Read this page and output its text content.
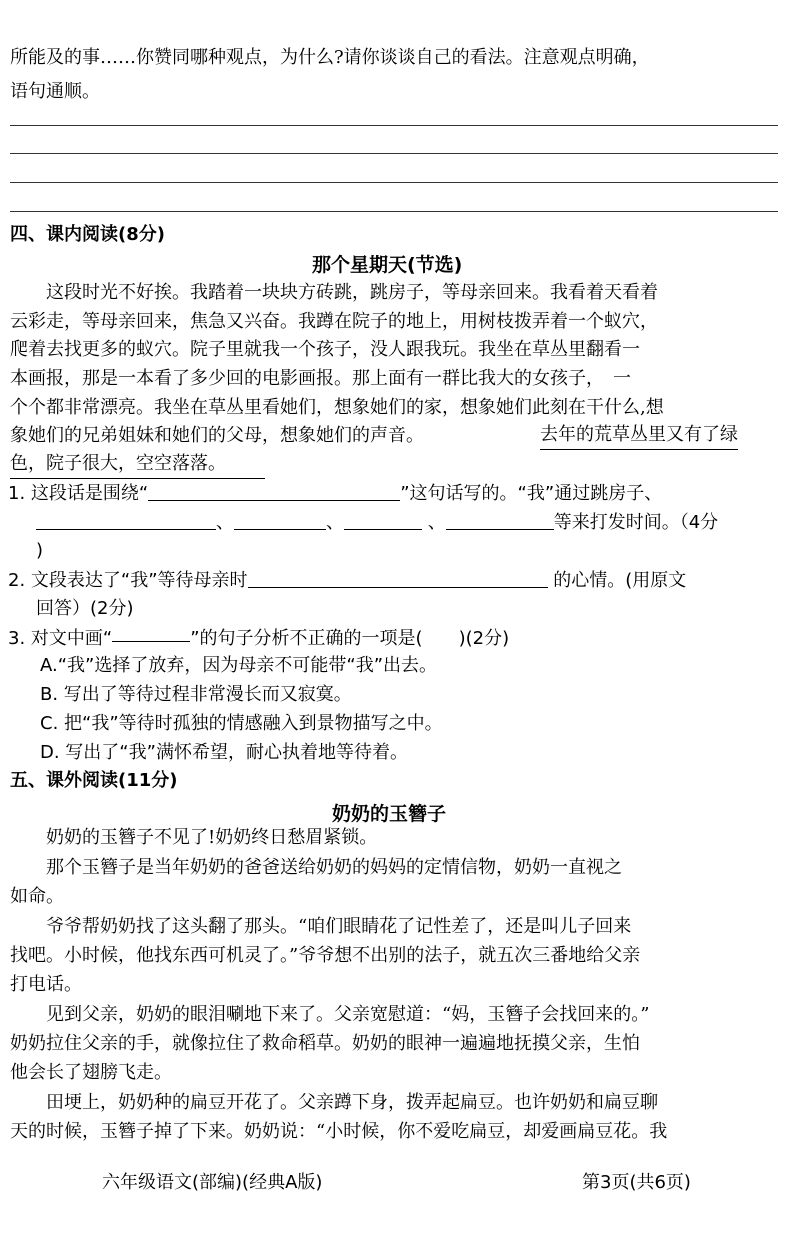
所能及的事……你赞同哪种观点，为什么?请你谈谈自己的看法。注意观点明确，
语句通顺。
四、课内阅读(8分)
那个星期天(节选)
　　这段时光不好挨。我踏着一块块方砖跳，跳房子，等母亲回来。我看着天看着
云彩走，等母亲回来，焦急又兴奋。我蹲在院子的地上，用树枝拨弄着一个蚁穴，
爬着去找更多的蚁穴。院子里就我一个孩子，没人跟我玩。我坐在草丛里翻看一
本画报，那是一本看了多少回的电影画报。那上面有一群比我大的女孩子，　一
个个都非常漂亮。我坐在草丛里看她们，想象她们的家，想象她们此刻在干什么,想
象她们的兄弟姐妹和她们的父母，想象她们的声音。	去年的荒草丛里又有了绿
色，院子很大，空空落落。
1. 这段话是围绕“	”这句话写的。“我”通过跳房子、
、	、	、	等来打发时间。（4分
)
2. 文段表达了“我”等待母亲时	的心情。(用原文
回答）(2分)
3. 对文中画“	”的句子分析不正确的一项是(　　)(2分)
A.“我”选择了放弃，因为母亲不可能带“我”出去。
B. 写出了等待过程非常漫长而又寂寞。
C. 把“我”等待时孤独的情感融入到景物描写之中。
D. 写出了“我”满怀希望，耐心执着地等待着。
五、课外阅读(11分)
奶奶的玉簪子
　　奶奶的玉簪子不见了!奶奶终日愁眉紧锁。
　　那个玉簪子是当年奶奶的爸爸送给奶奶的妈妈的定情信物，奶奶一直视之
如命。
　　爷爷帮奶奶找了这头翻了那头。“咱们眼睛花了记性差了，还是叫儿子回来
找吧。小时候，他找东西可机灵了。”爷爷想不出别的法子，就五次三番地给父亲
打电话。
　　见到父亲，奶奶的眼泪唰地下来了。父亲宽慰道：“妈，玉簪子会找回来的。”
奶奶拉住父亲的手，就像拉住了救命稻草。奶奶的眼神一遍遍地抚摸父亲，生怕
他会长了翅膀飞走。
　　田埂上，奶奶种的扁豆开花了。父亲蹲下身，拨弄起扁豆。也许奶奶和扁豆聊
天的时候，玉簪子掉了下来。奶奶说：“小时候，你不爱吃扁豆，却爱画扁豆花。我
六年级语文(部编)(经典A版)	第3页(共6页)
